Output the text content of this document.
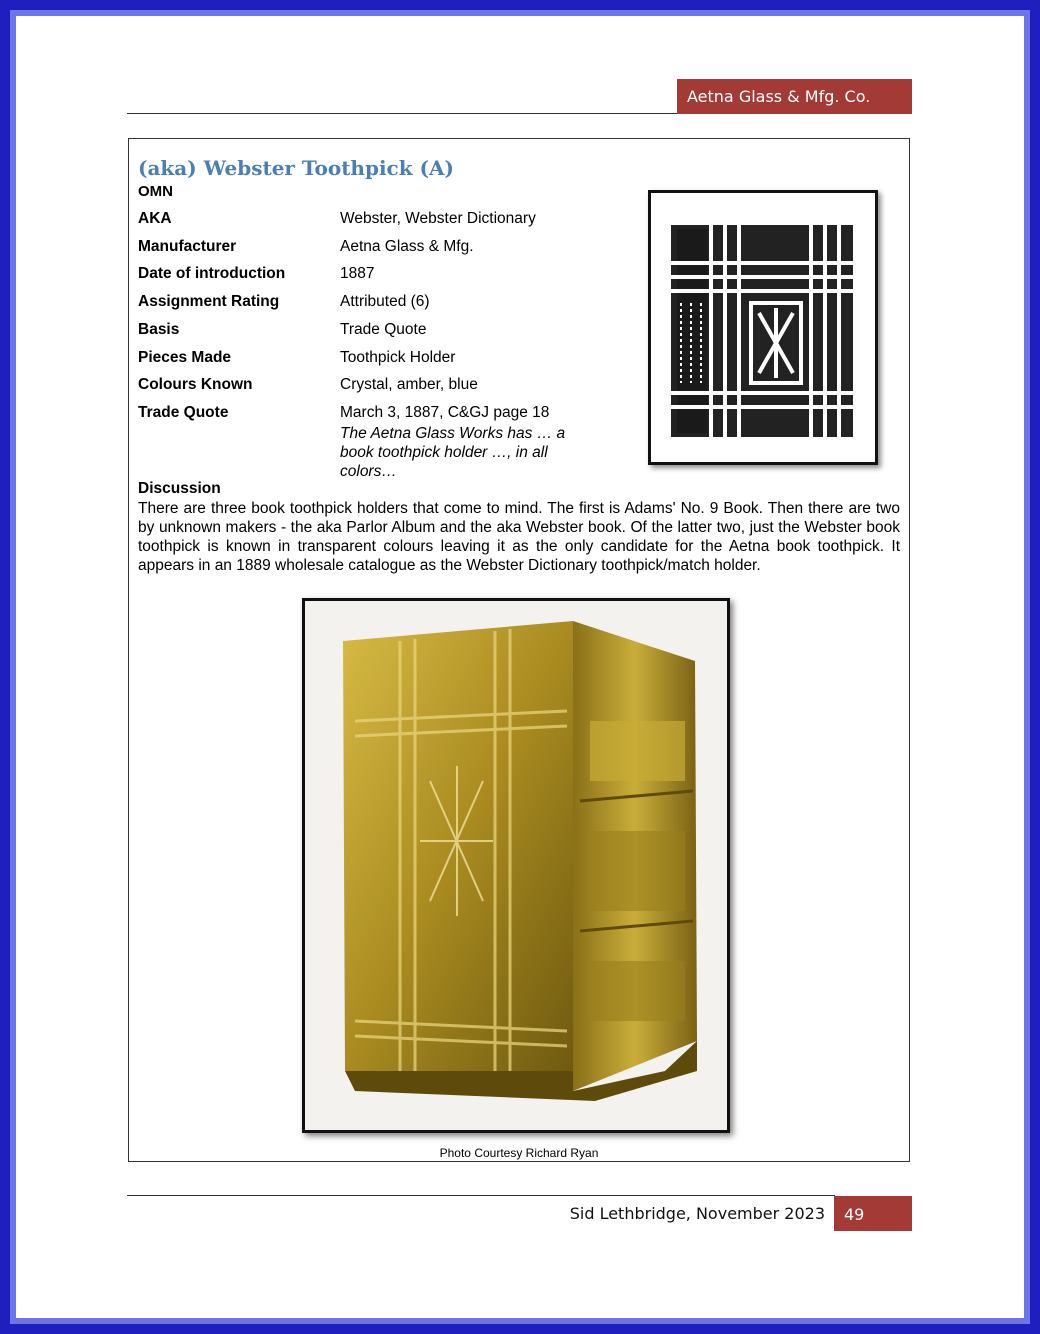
Aetna Glass & Mfg. Co.
(aka) Webster Toothpick (A)
OMN
AKA	Webster, Webster Dictionary
Manufacturer	Aetna Glass & Mfg.
Date of introduction	1887
Assignment Rating	Attributed (6)
Basis	Trade Quote
Pieces Made	Toothpick Holder
Colours Known	Crystal, amber, blue
Trade Quote	March 3, 1887, C&GJ page 18
The Aetna Glass Works has … a book toothpick holder …, in all colors…
Discussion
There are three book toothpick holders that come to mind. The first is Adams' No. 9 Book. Then there are two by unknown makers - the aka Parlor Album and the aka Webster book. Of the latter two, just the Webster book toothpick is known in transparent colours leaving it as the only candidate for the Aetna book toothpick. It appears in an 1889 wholesale catalogue as the Webster Dictionary toothpick/match holder.
Photo Courtesy Richard Ryan
Sid Lethbridge, November 2023	49
